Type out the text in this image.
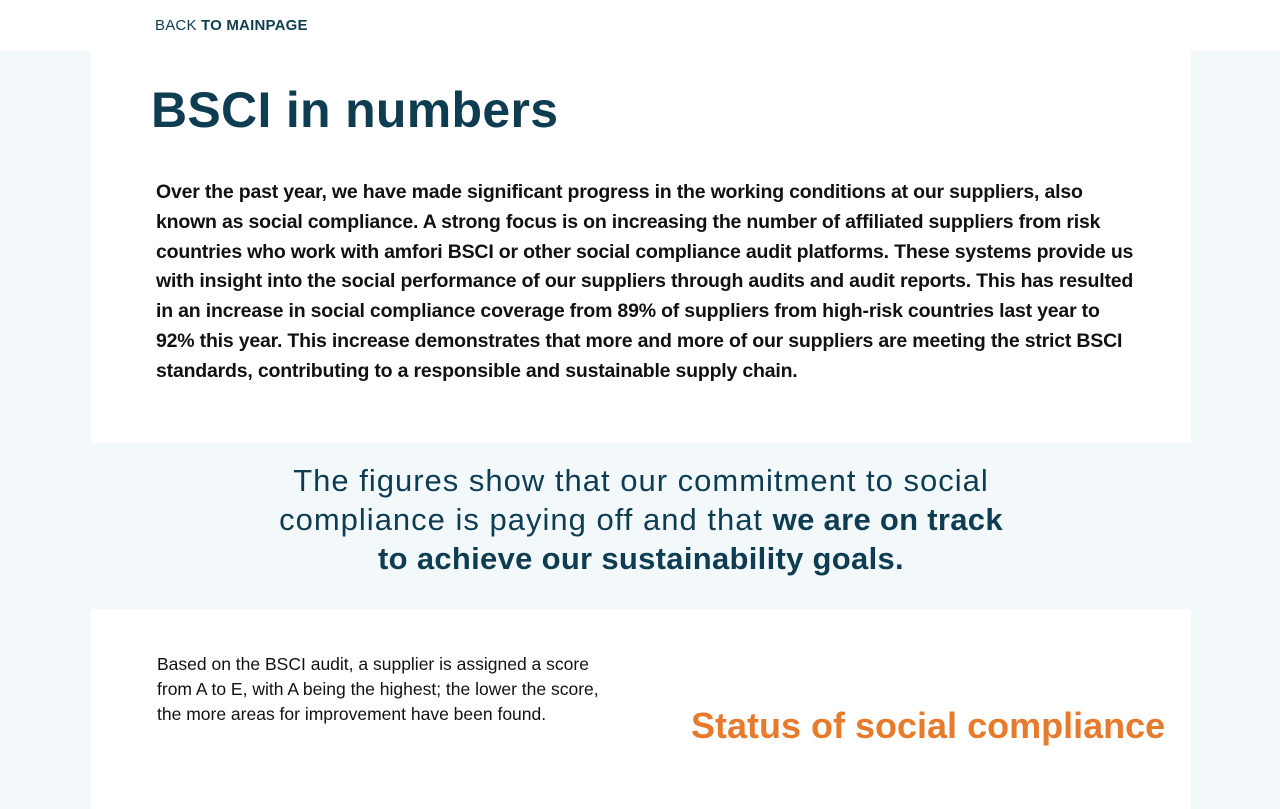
BACK TO MAINPAGE
BSCI in numbers

Over the past year, we have made significant progress in the working conditions at our suppliers, also known as social compliance. A strong focus is on increasing the number of affiliated suppliers from risk countries who work with amfori BSCI or other social compliance audit platforms. These systems provide us with insight into the social performance of our suppliers through audits and audit reports. This has resulted in an increase in social compliance coverage from 89% of suppliers from high-risk countries last year to 92% this year. This increase demonstrates that more and more of our suppliers are meeting the strict BSCI standards, contributing to a responsible and sustainable supply chain.

The figures show that our commitment to social compliance is paying off and that we are on track to achieve our sustainability goals.

Based on the BSCI audit, a supplier is assigned a score from A to E, with A being the highest; the lower the score, the more areas for improvement have been found.	Status of social compliance
